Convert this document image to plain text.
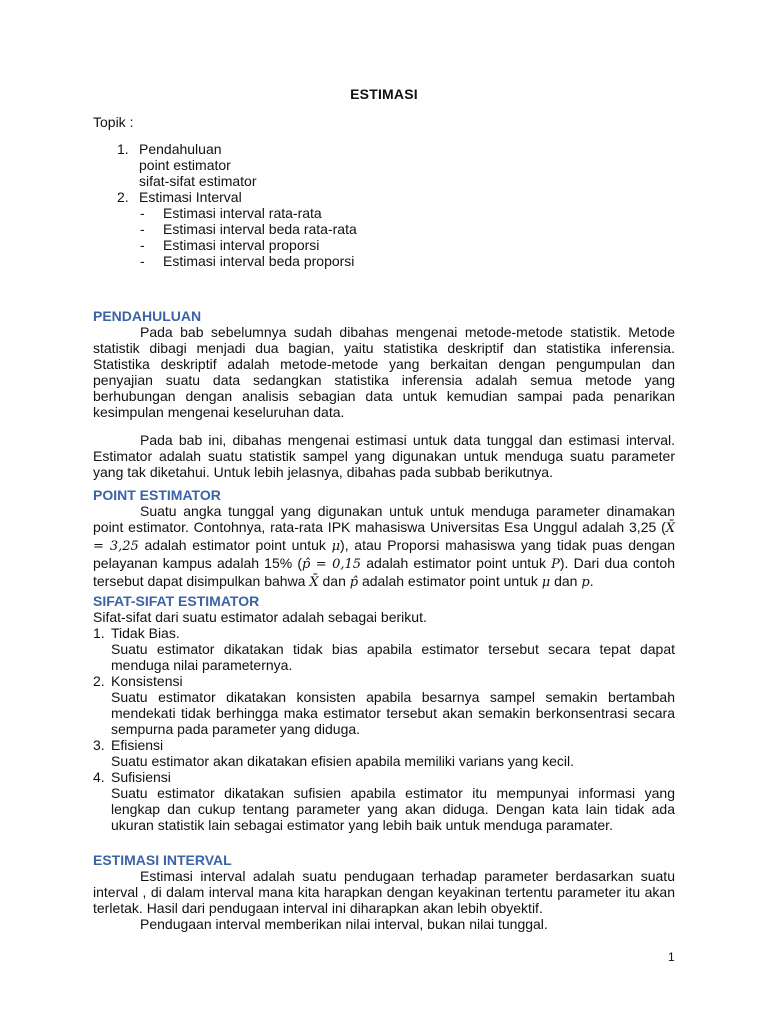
ESTIMASI
Topik :
1. Pendahuluan
point estimator
sifat-sifat estimator
2. Estimasi Interval
- Estimasi interval rata-rata
- Estimasi interval beda rata-rata
- Estimasi interval proporsi
- Estimasi interval beda proporsi

PENDAHULUAN

Pada bab sebelumnya sudah dibahas mengenai metode-metode statistik. Metode statistik dibagi menjadi dua bagian, yaitu statistika deskriptif dan statistika inferensia. Statistika deskriptif adalah metode-metode yang berkaitan dengan pengumpulan dan penyajian suatu data sedangkan statistika inferensia adalah semua metode yang berhubungan dengan analisis sebagian data untuk kemudian sampai pada penarikan kesimpulan mengenai keseluruhan data.

Pada bab ini, dibahas mengenai estimasi untuk data tunggal dan estimasi interval. Estimator adalah suatu statistik sampel yang digunakan untuk menduga suatu parameter yang tak diketahui. Untuk lebih jelasnya, dibahas pada subbab berikutnya.

POINT ESTIMATOR

Suatu angka tunggal yang digunakan untuk untuk menduga parameter dinamakan point estimator. Contohnya, rata-rata IPK mahasiswa Universitas Esa Unggul adalah 3,25 (X̄ = 3,25 adalah estimator point untuk μ), atau Proporsi mahasiswa yang tidak puas dengan pelayanan kampus adalah 15% (p̂ = 0,15 adalah estimator point untuk P). Dari dua contoh tersebut dapat disimpulkan bahwa X̄ dan p̂ adalah estimator point untuk μ dan p.

SIFAT-SIFAT ESTIMATOR

Sifat-sifat dari suatu estimator adalah sebagai berikut.

1. Tidak Bias.

Suatu estimator dikatakan tidak bias apabila estimator tersebut secara tepat dapat menduga nilai parameternya.

2. Konsistensi

Suatu estimator dikatakan konsisten apabila besarnya sampel semakin bertambah mendekati tidak berhingga maka estimator tersebut akan semakin berkonsentrasi secara sempurna pada parameter yang diduga.

3. Efisiensi

Suatu estimator akan dikatakan efisien apabila memiliki varians yang kecil.

4. Sufisiensi

Suatu estimator dikatakan sufisien apabila estimator itu mempunyai informasi yang lengkap dan cukup tentang parameter yang akan diduga. Dengan kata lain tidak ada ukuran statistik lain sebagai estimator yang lebih baik untuk menduga paramater.

ESTIMASI INTERVAL

Estimasi interval adalah suatu pendugaan terhadap parameter berdasarkan suatu interval , di dalam interval mana kita harapkan dengan keyakinan tertentu parameter itu akan terletak. Hasil dari pendugaan interval ini diharapkan akan lebih obyektif.

Pendugaan interval memberikan nilai interval, bukan nilai tunggal.

1
